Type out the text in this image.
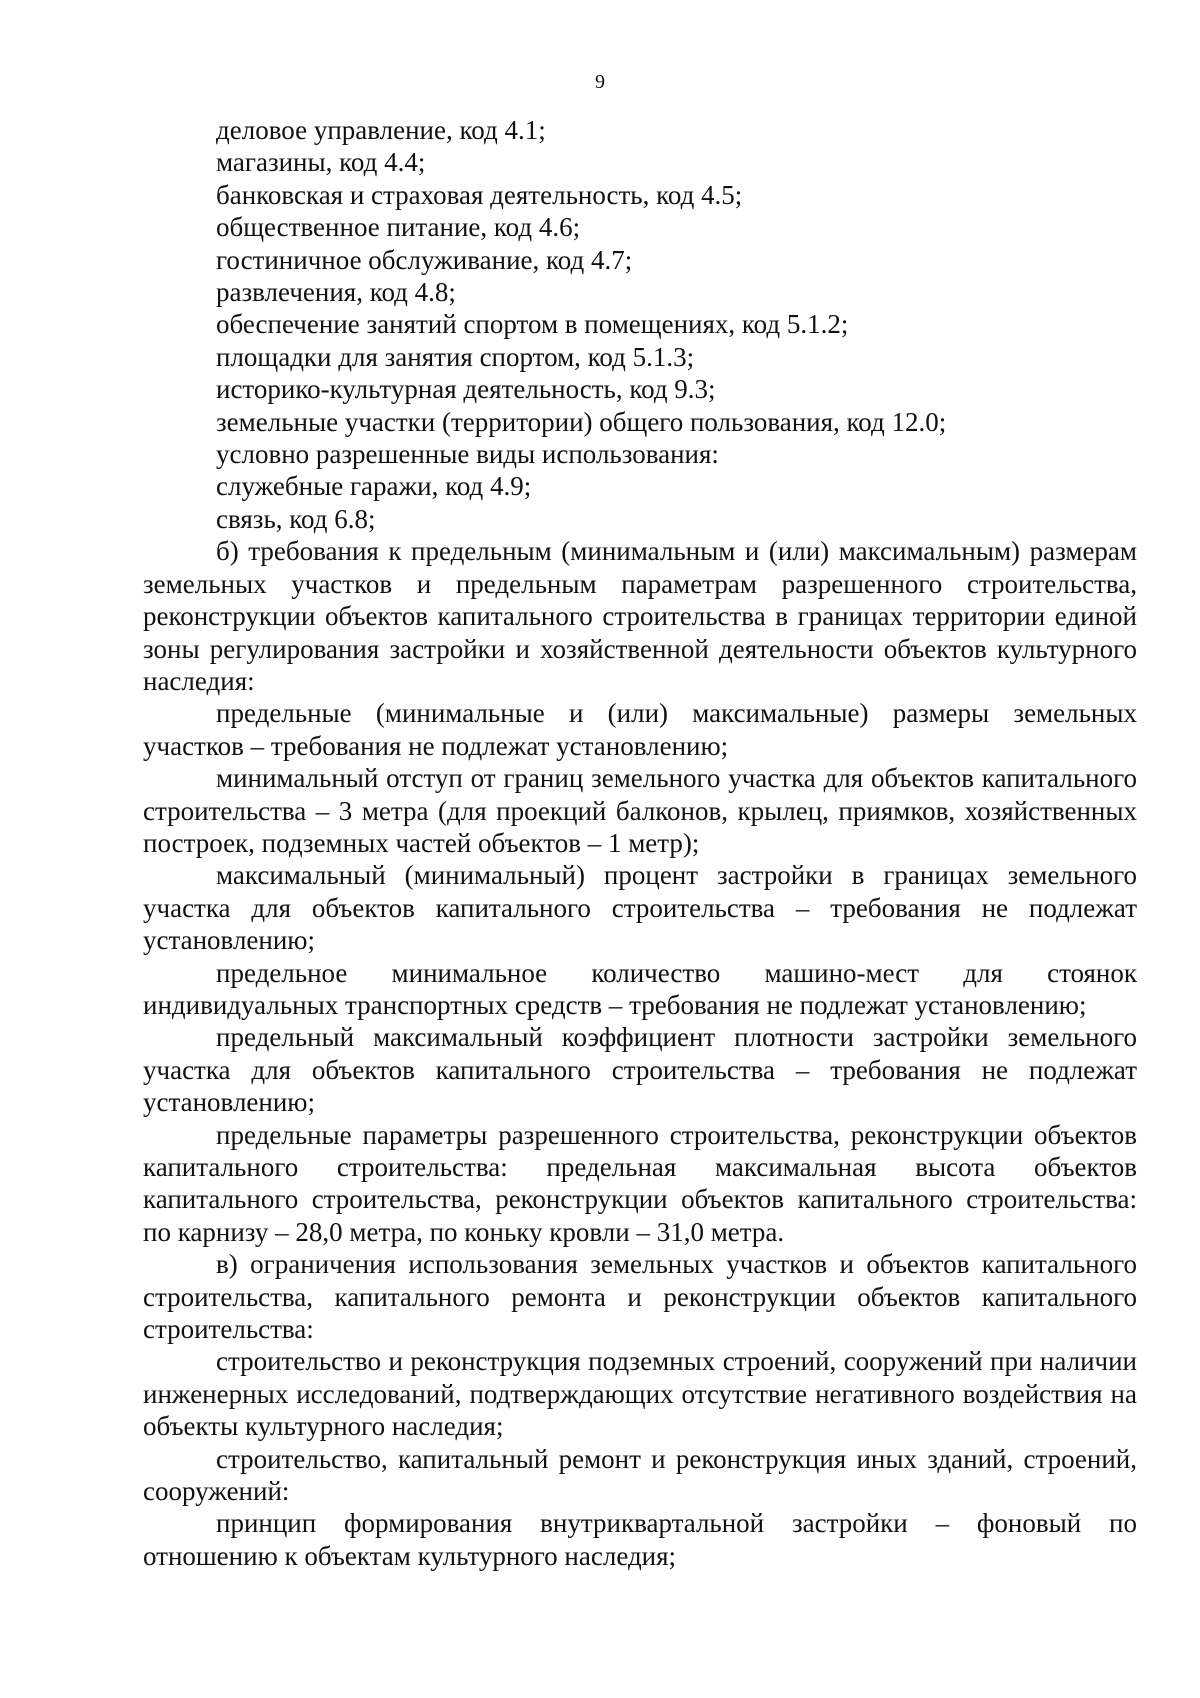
9

деловое управление, код 4.1;

магазины, код 4.4;

банковская и страховая деятельность, код 4.5;

общественное питание, код 4.6;

гостиничное обслуживание, код 4.7;

развлечения, код 4.8;

обеспечение занятий спортом в помещениях, код 5.1.2;

площадки для занятия спортом, код 5.1.3;

историко-культурная деятельность, код 9.3;

земельные участки (территории) общего пользования, код 12.0;

условно разрешенные виды использования:

служебные гаражи, код 4.9;

связь, код 6.8;

б) требования к предельным (минимальным и (или) максимальным) размерам земельных участков и предельным параметрам разрешенного строительства, реконструкции объектов капитального строительства в границах территории единой зоны регулирования застройки и хозяйственной деятельности объектов культурного наследия:

предельные (минимальные и (или) максимальные) размеры земельных участков – требования не подлежат установлению;

минимальный отступ от границ земельного участка для объектов капитального строительства – 3 метра (для проекций балконов, крылец, приямков, хозяйственных построек, подземных частей объектов – 1 метр);

максимальный (минимальный) процент застройки в границах земельного участка для объектов капитального строительства – требования не подлежат установлению;

предельное минимальное количество машино-мест для стоянок индивидуальных транспортных средств – требования не подлежат установлению;

предельный максимальный коэффициент плотности застройки земельного участка для объектов капитального строительства – требования не подлежат установлению;

предельные параметры разрешенного строительства, реконструкции объектов капитального строительства: предельная максимальная высота объектов капитального строительства, реконструкции объектов капитального строительства: по карнизу – 28,0 метра, по коньку кровли – 31,0 метра.

в) ограничения использования земельных участков и объектов капитального строительства, капитального ремонта и реконструкции объектов капитального строительства:

строительство и реконструкция подземных строений, сооружений при наличии инженерных исследований, подтверждающих отсутствие негативного воздействия на объекты культурного наследия;

строительство, капитальный ремонт и реконструкция иных зданий, строений, сооружений:

принцип формирования внутриквартальной застройки – фоновый по отношению к объектам культурного наследия;
